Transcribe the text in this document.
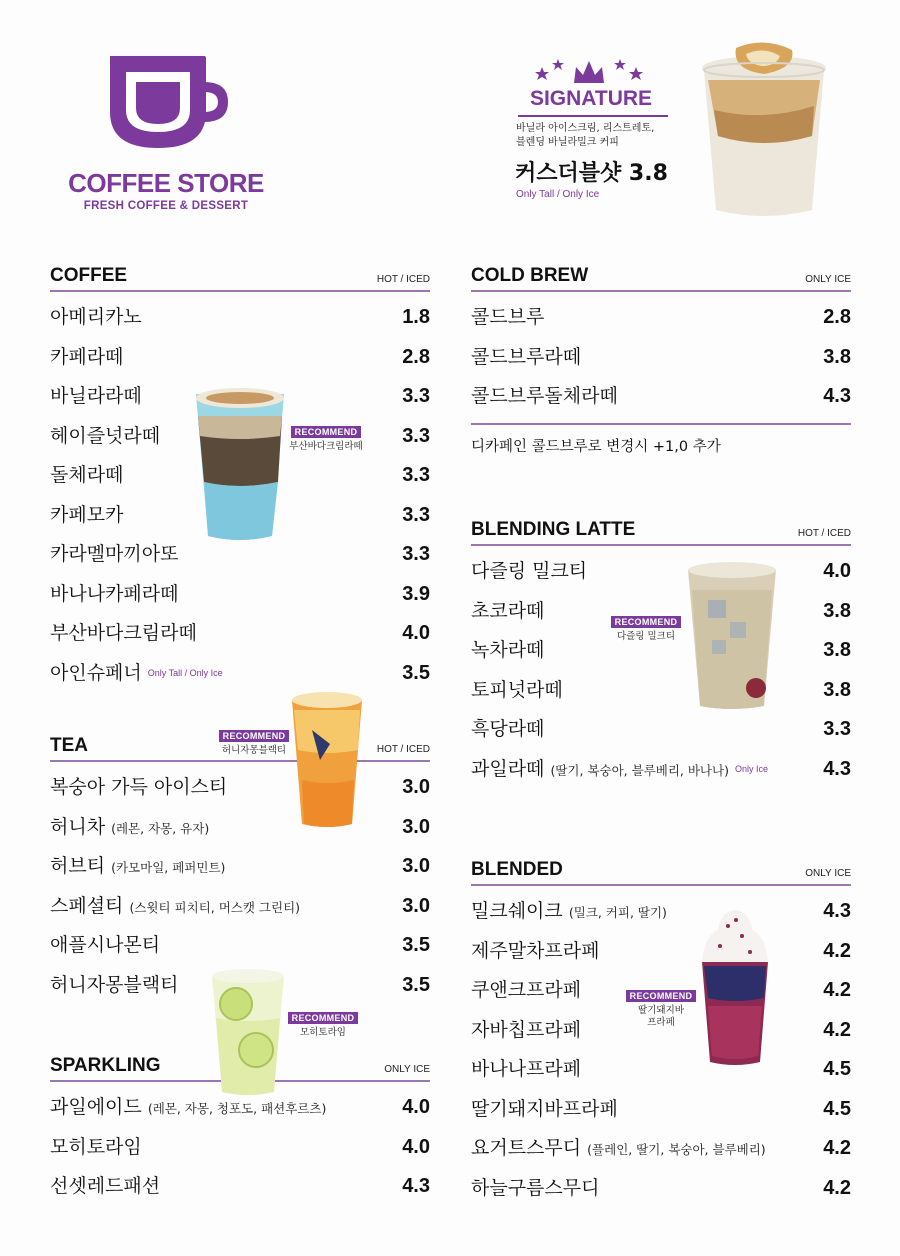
COFFEE STORE
FRESH COFFEE & DESSERT
SIGNATURE
바닐라 아이스크림, 리스트레토,
블렌딩 바닐라밀크 커피
커스더블샷 3.8
Only Tall / Only Ice
COFFEE	HOT / ICED
아메리카노	1.8
카페라떼	2.8
바닐라라떼	3.3
헤이즐넛라떼	3.3
돌체라떼	3.3
카페모카	3.3
카라멜마끼아또	3.3
바나나카페라떼	3.9
부산바다크림라떼	4.0
아인슈페너 Only Tall / Only Ice	3.5
RECOMMEND
부산바다크림라떼
TEA	HOT / ICED
복숭아 가득 아이스티	3.0
허니차 (레몬, 자몽, 유자)	3.0
허브티 (카모마일, 페퍼민트)	3.0
스페셜티 (스윗티 피치티, 머스캣 그린티)	3.0
애플시나몬티	3.5
허니자몽블랙티	3.5
RECOMMEND
허니자몽블랙티
SPARKLING	ONLY ICE
과일에이드 (레몬, 자몽, 청포도, 패션후르츠)	4.0
모히토라임	4.0
선셋레드패션	4.3
RECOMMEND
모히토라임
COLD BREW	ONLY ICE
콜드브루	2.8
콜드브루라떼	3.8
콜드브루돌체라떼	4.3
디카페인 콜드브루로 변경시 +1,0 추가
BLENDING LATTE	HOT / ICED
다즐링 밀크티	4.0
초코라떼	3.8
녹차라떼	3.8
토피넛라떼	3.8
흑당라떼	3.3
과일라떼 (딸기, 복숭아, 블루베리, 바나나) Only Ice	4.3
RECOMMEND
다즐링 밀크티
BLENDED	ONLY ICE
밀크쉐이크 (밀크, 커피, 딸기)	4.3
제주말차프라페	4.2
쿠앤크프라페	4.2
자바칩프라페	4.2
바나나프라페	4.5
딸기돼지바프라페	4.5
요거트스무디 (플레인, 딸기, 복숭아, 블루베리)	4.2
하늘구름스무디	4.2
RECOMMEND
딸기돼지바
프라페
